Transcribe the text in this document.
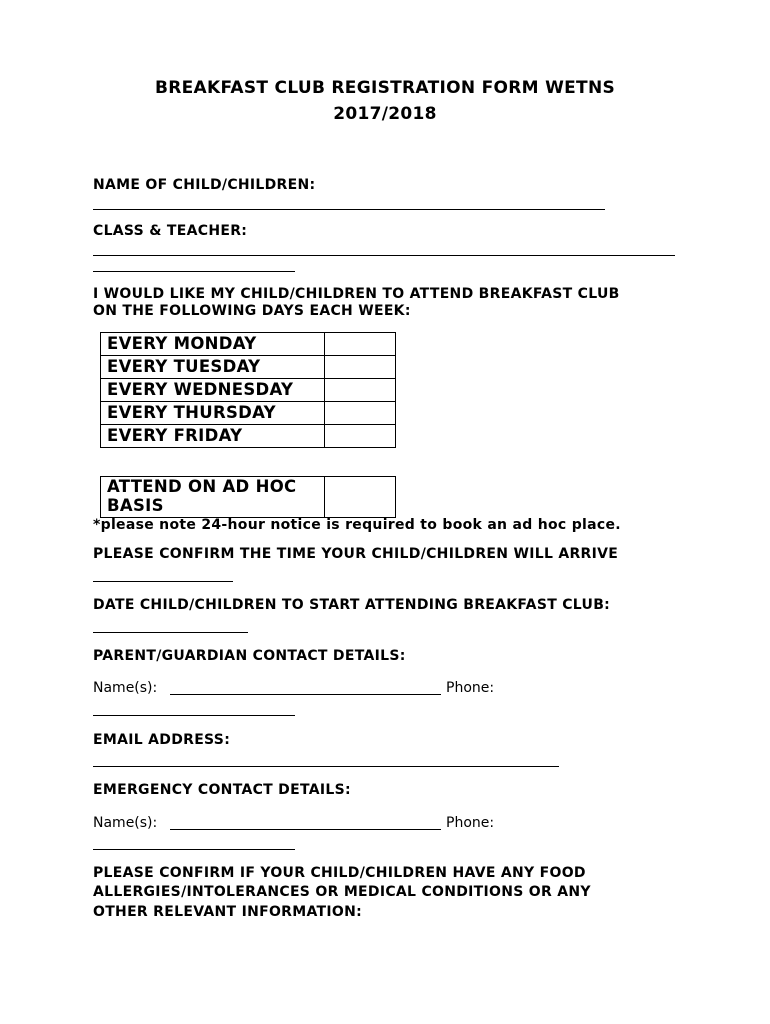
BREAKFAST CLUB REGISTRATION FORM WETNS
2017/2018
NAME OF CHILD/CHILDREN:
CLASS & TEACHER:
I WOULD LIKE MY CHILD/CHILDREN TO ATTEND BREAKFAST CLUB
ON THE FOLLOWING DAYS EACH WEEK:
EVERY MONDAY	
EVERY TUESDAY	
EVERY WEDNESDAY	
EVERY THURSDAY	
EVERY FRIDAY	
ATTEND ON AD HOC BASIS	
*please note 24-hour notice is required to book an ad hoc place.
PLEASE CONFIRM THE TIME YOUR CHILD/CHILDREN WILL ARRIVE
DATE CHILD/CHILDREN TO START ATTENDING BREAKFAST CLUB:
PARENT/GUARDIAN CONTACT DETAILS:
Name(s):	Phone:
EMAIL ADDRESS:
EMERGENCY CONTACT DETAILS:
Name(s):	Phone:
PLEASE CONFIRM IF YOUR CHILD/CHILDREN HAVE ANY FOOD
ALLERGIES/INTOLERANCES OR MEDICAL CONDITIONS OR ANY
OTHER RELEVANT INFORMATION:
